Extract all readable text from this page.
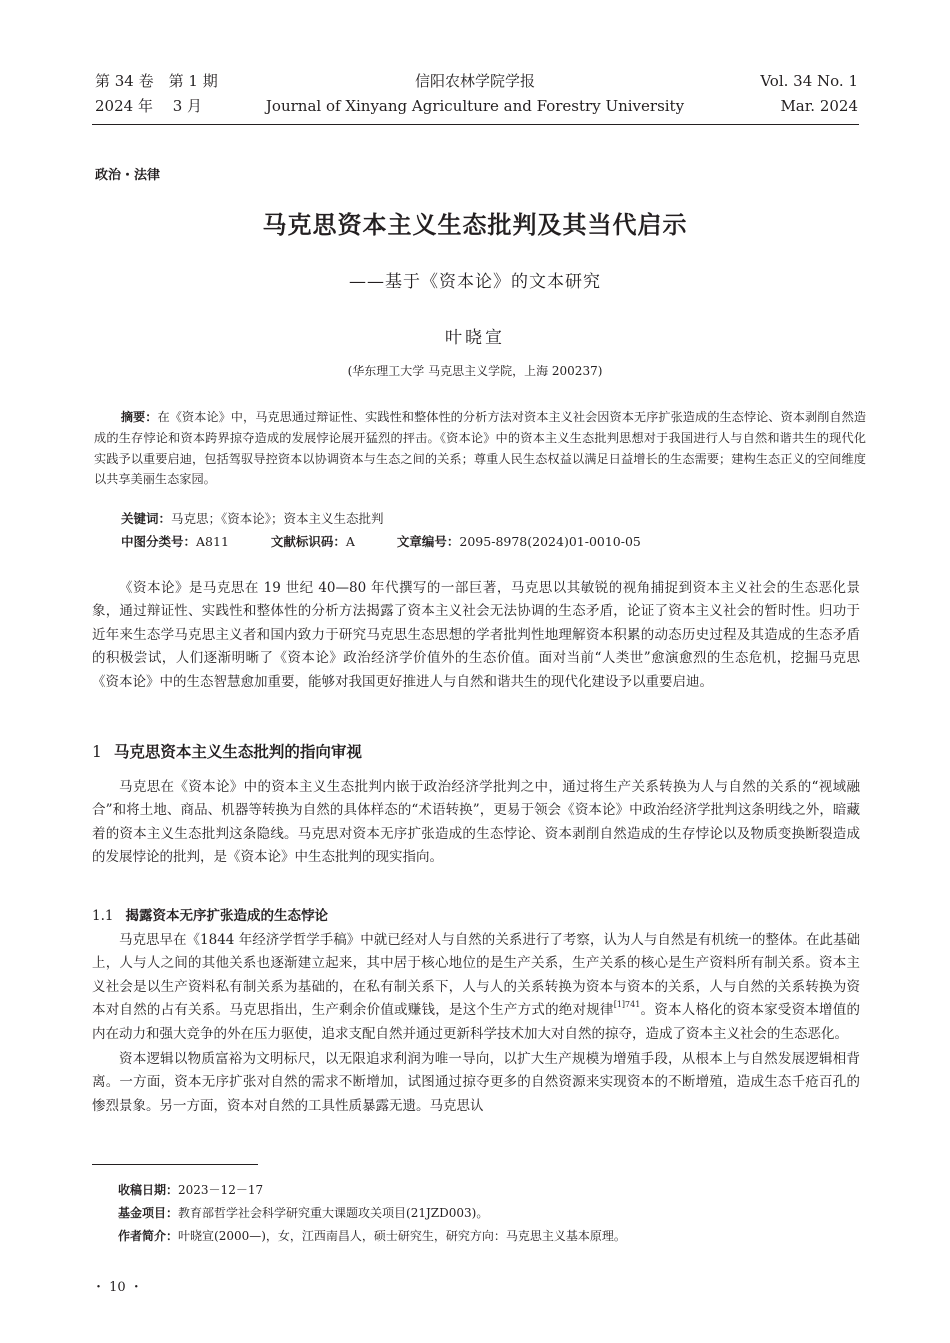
第 34 卷　第 1 期
2024 年　 3 月
信阳农林学院学报
Journal of Xinyang Agriculture and Forestry University
Vol. 34 No. 1
Mar. 2024
政治・法律
马克思资本主义生态批判及其当代启示
——基于《资本论》的文本研究
叶晓宣
(华东理工大学 马克思主义学院，上海 200237)

摘要：在《资本论》中，马克思通过辩证性、实践性和整体性的分析方法对资本主义社会因资本无序扩张造成的生态悖论、资本剥削自然造成的生存悖论和资本跨界掠夺造成的发展悖论展开猛烈的抨击。《资本论》中的资本主义生态批判思想对于我国进行人与自然和谐共生的现代化实践予以重要启迪，包括驾驭导控资本以协调资本与生态之间的关系；尊重人民生态权益以满足日益增长的生态需要；建构生态正义的空间维度以共享美丽生态家园。

关键词：马克思；《资本论》；资本主义生态批判
中图分类号：A811	文献标识码：A	文章编号：2095-8978(2024)01-0010-05

《资本论》是马克思在 19 世纪 40—80 年代撰写的一部巨著，马克思以其敏锐的视角捕捉到资本主义社会的生态恶化景象，通过辩证性、实践性和整体性的分析方法揭露了资本主义社会无法协调的生态矛盾，论证了资本主义社会的暂时性。归功于近年来生态学马克思主义者和国内致力于研究马克思生态思想的学者批判性地理解资本积累的动态历史过程及其造成的生态矛盾的积极尝试，人们逐渐明晰了《资本论》政治经济学价值外的生态价值。面对当前“人类世”愈演愈烈的生态危机，挖掘马克思《资本论》中的生态智慧愈加重要，能够对我国更好推进人与自然和谐共生的现代化建设予以重要启迪。

1 马克思资本主义生态批判的指向审视

马克思在《资本论》中的资本主义生态批判内嵌于政治经济学批判之中，通过将生产关系转换为人与自然的关系的“视域融合”和将土地、商品、机器等转换为自然的具体样态的“术语转换”，更易于领会《资本论》中政治经济学批判这条明线之外，暗藏着的资本主义生态批判这条隐线。马克思对资本无序扩张造成的生态悖论、资本剥削自然造成的生存悖论以及物质变换断裂造成的发展悖论的批判，是《资本论》中生态批判的现实指向。

1.1 揭露资本无序扩张造成的生态悖论

马克思早在《1844 年经济学哲学手稿》中就已经对人与自然的关系进行了考察，认为人与自然是有机统一的整体。在此基础上，人与人之间的其他关系也逐渐建立起来，其中居于核心地位的是生产关系，生产关系的核心是生产资料所有制关系。资本主义社会是以生产资料私有制关系为基础的，在私有制关系下，人与人的关系转换为资本与资本的关系，人与自然的关系转换为资本对自然的占有关系。马克思指出，生产剩余价值或赚钱，是这个生产方式的绝对规律$^{[1]741}$。资本人格化的资本家受资本增值的内在动力和强大竞争的外在压力驱使，追求支配自然并通过更新科学技术加大对自然的掠夺，造成了资本主义社会的生态恶化。

资本逻辑以物质富裕为文明标尺，以无限追求利润为唯一导向，以扩大生产规模为增殖手段，从根本上与自然发展逻辑相背离。一方面，资本无序扩张对自然的需求不断增加，试图通过掠夺更多的自然资源来实现资本的不断增殖，造成生态千疮百孔的惨烈景象。另一方面，资本对自然的工具性质暴露无遗。马克思认

收稿日期：2023－12－17
基金项目：教育部哲学社会科学研究重大课题攻关项目(21JZD003)。
作者简介：叶晓宣(2000—)，女，江西南昌人，硕士研究生，研究方向：马克思主义基本原理。
・ 10 ・
